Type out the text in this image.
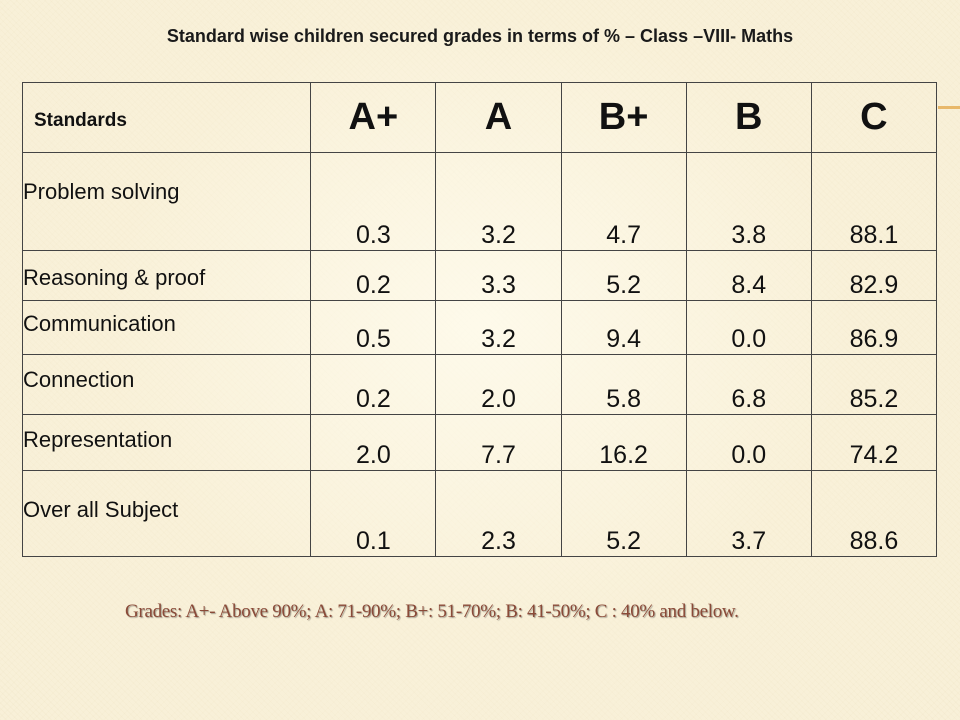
Standard wise children secured grades in terms of % – Class –VIII- Maths
Standards	A+	A	B+	B	C
Problem solving	0.3	3.2	4.7	3.8	88.1
Reasoning & proof	0.2	3.3	5.2	8.4	82.9
Communication	0.5	3.2	9.4	0.0	86.9
Connection	0.2	2.0	5.8	6.8	85.2
Representation	2.0	7.7	16.2	0.0	74.2
Over all Subject	0.1	2.3	5.2	3.7	88.6
Grades: A+- Above 90%; A: 71-90%; B+: 51-70%; B: 41-50%; C : 40% and below.
